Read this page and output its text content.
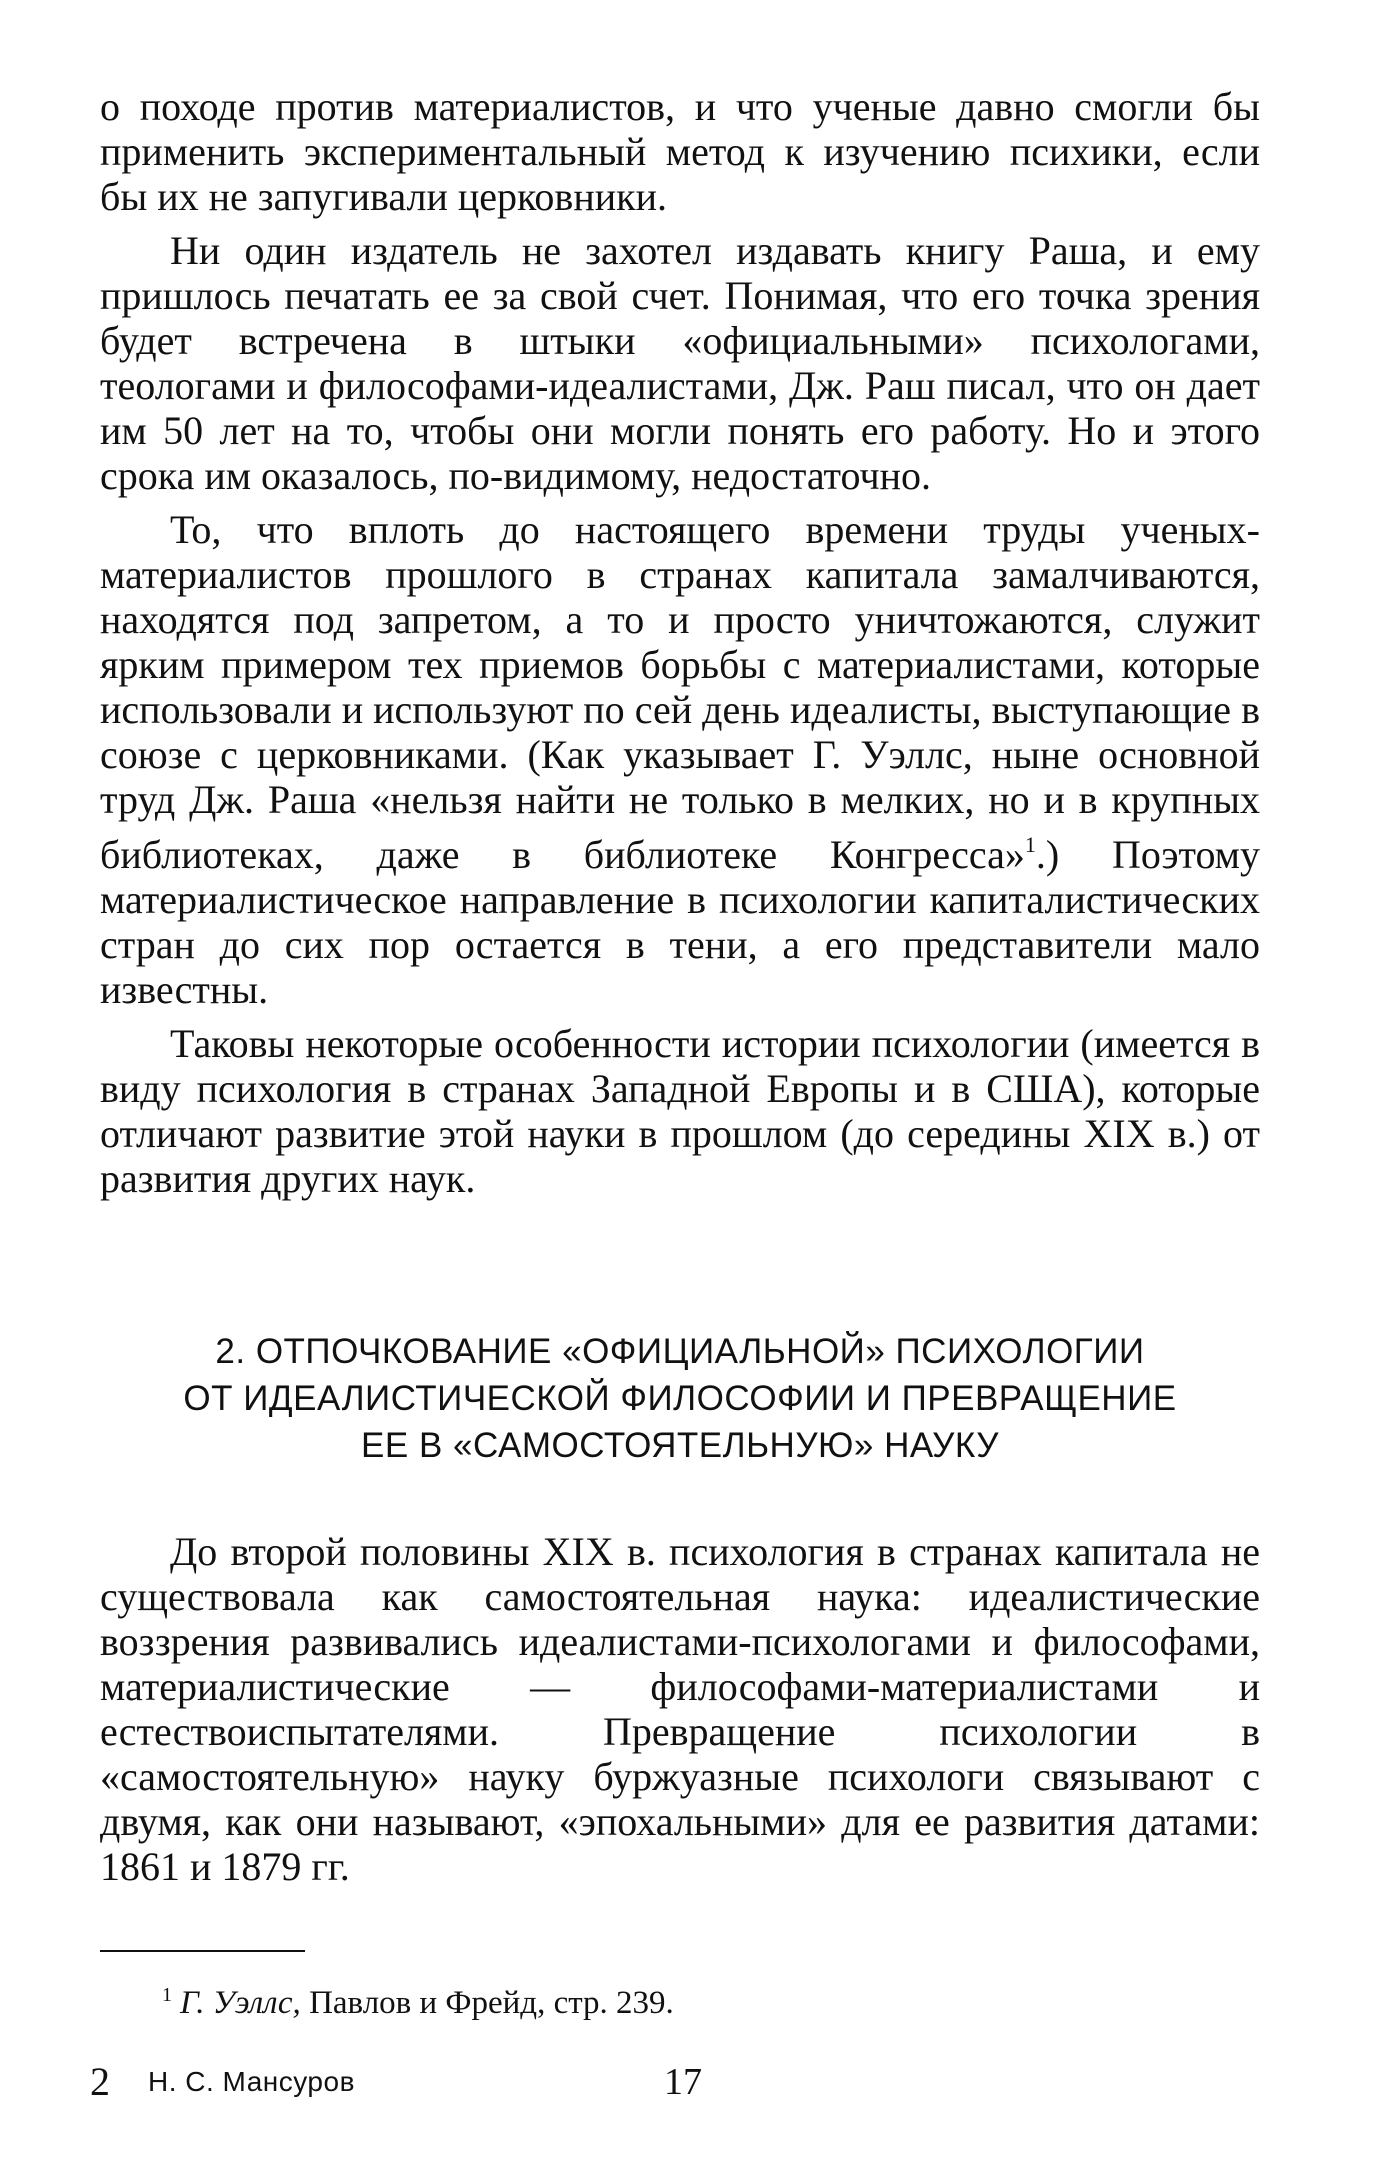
о походе против материалистов, и что ученые давно смогли бы применить экспериментальный метод к изучению психики, если бы их не запугивали церковники.

Ни один издатель не захотел издавать книгу Раша, и ему пришлось печатать ее за свой счет. Понимая, что его точка зрения будет встречена в штыки «официальными» психологами, теологами и философами-идеалистами, Дж. Раш писал, что он дает им 50 лет на то, чтобы они могли понять его работу. Но и этого срока им оказалось, по-видимому, недостаточно.

То, что вплоть до настоящего времени труды ученых-материалистов прошлого в странах капитала замалчиваются, находятся под запретом, а то и просто уничтожаются, служит ярким примером тех приемов борьбы с материалистами, которые использовали и используют по сей день идеалисты, выступающие в союзе с церковниками. (Как указывает Г. Уэллс, ныне основной труд Дж. Раша «нельзя найти не только в мелких, но и в крупных библиотеках, даже в библиотеке Конгресса»$^1$.) Поэтому материалистическое направление в психологии капиталистических стран до сих пор остается в тени, а его представители мало известны.

Таковы некоторые особенности истории психологии (имеется в виду психология в странах Западной Европы и в США), которые отличают развитие этой науки в прошлом (до середины XIX в.) от развития других наук.

2. ОТПОЧКОВАНИЕ «ОФИЦИАЛЬНОЙ» ПСИХОЛОГИИ
ОТ ИДЕАЛИСТИЧЕСКОЙ ФИЛОСОФИИ И ПРЕВРАЩЕНИЕ
ЕЕ В «САМОСТОЯТЕЛЬНУЮ» НАУКУ

До второй половины XIX в. психология в странах капитала не существовала как самостоятельная наука: идеалистические воззрения развивались идеалистами-психологами и философами, материалистические — философами-материалистами и естествоиспытателями. Превращение психологии в «самостоятельную» науку буржуазные психологи связывают с двумя, как они называют, «эпохальными» для ее развития датами: 1861 и 1879 гг.

$^1$ Г. Уэллс, Павлов и Фрейд, стр. 239.
2 Н. С. Мансуров	17
